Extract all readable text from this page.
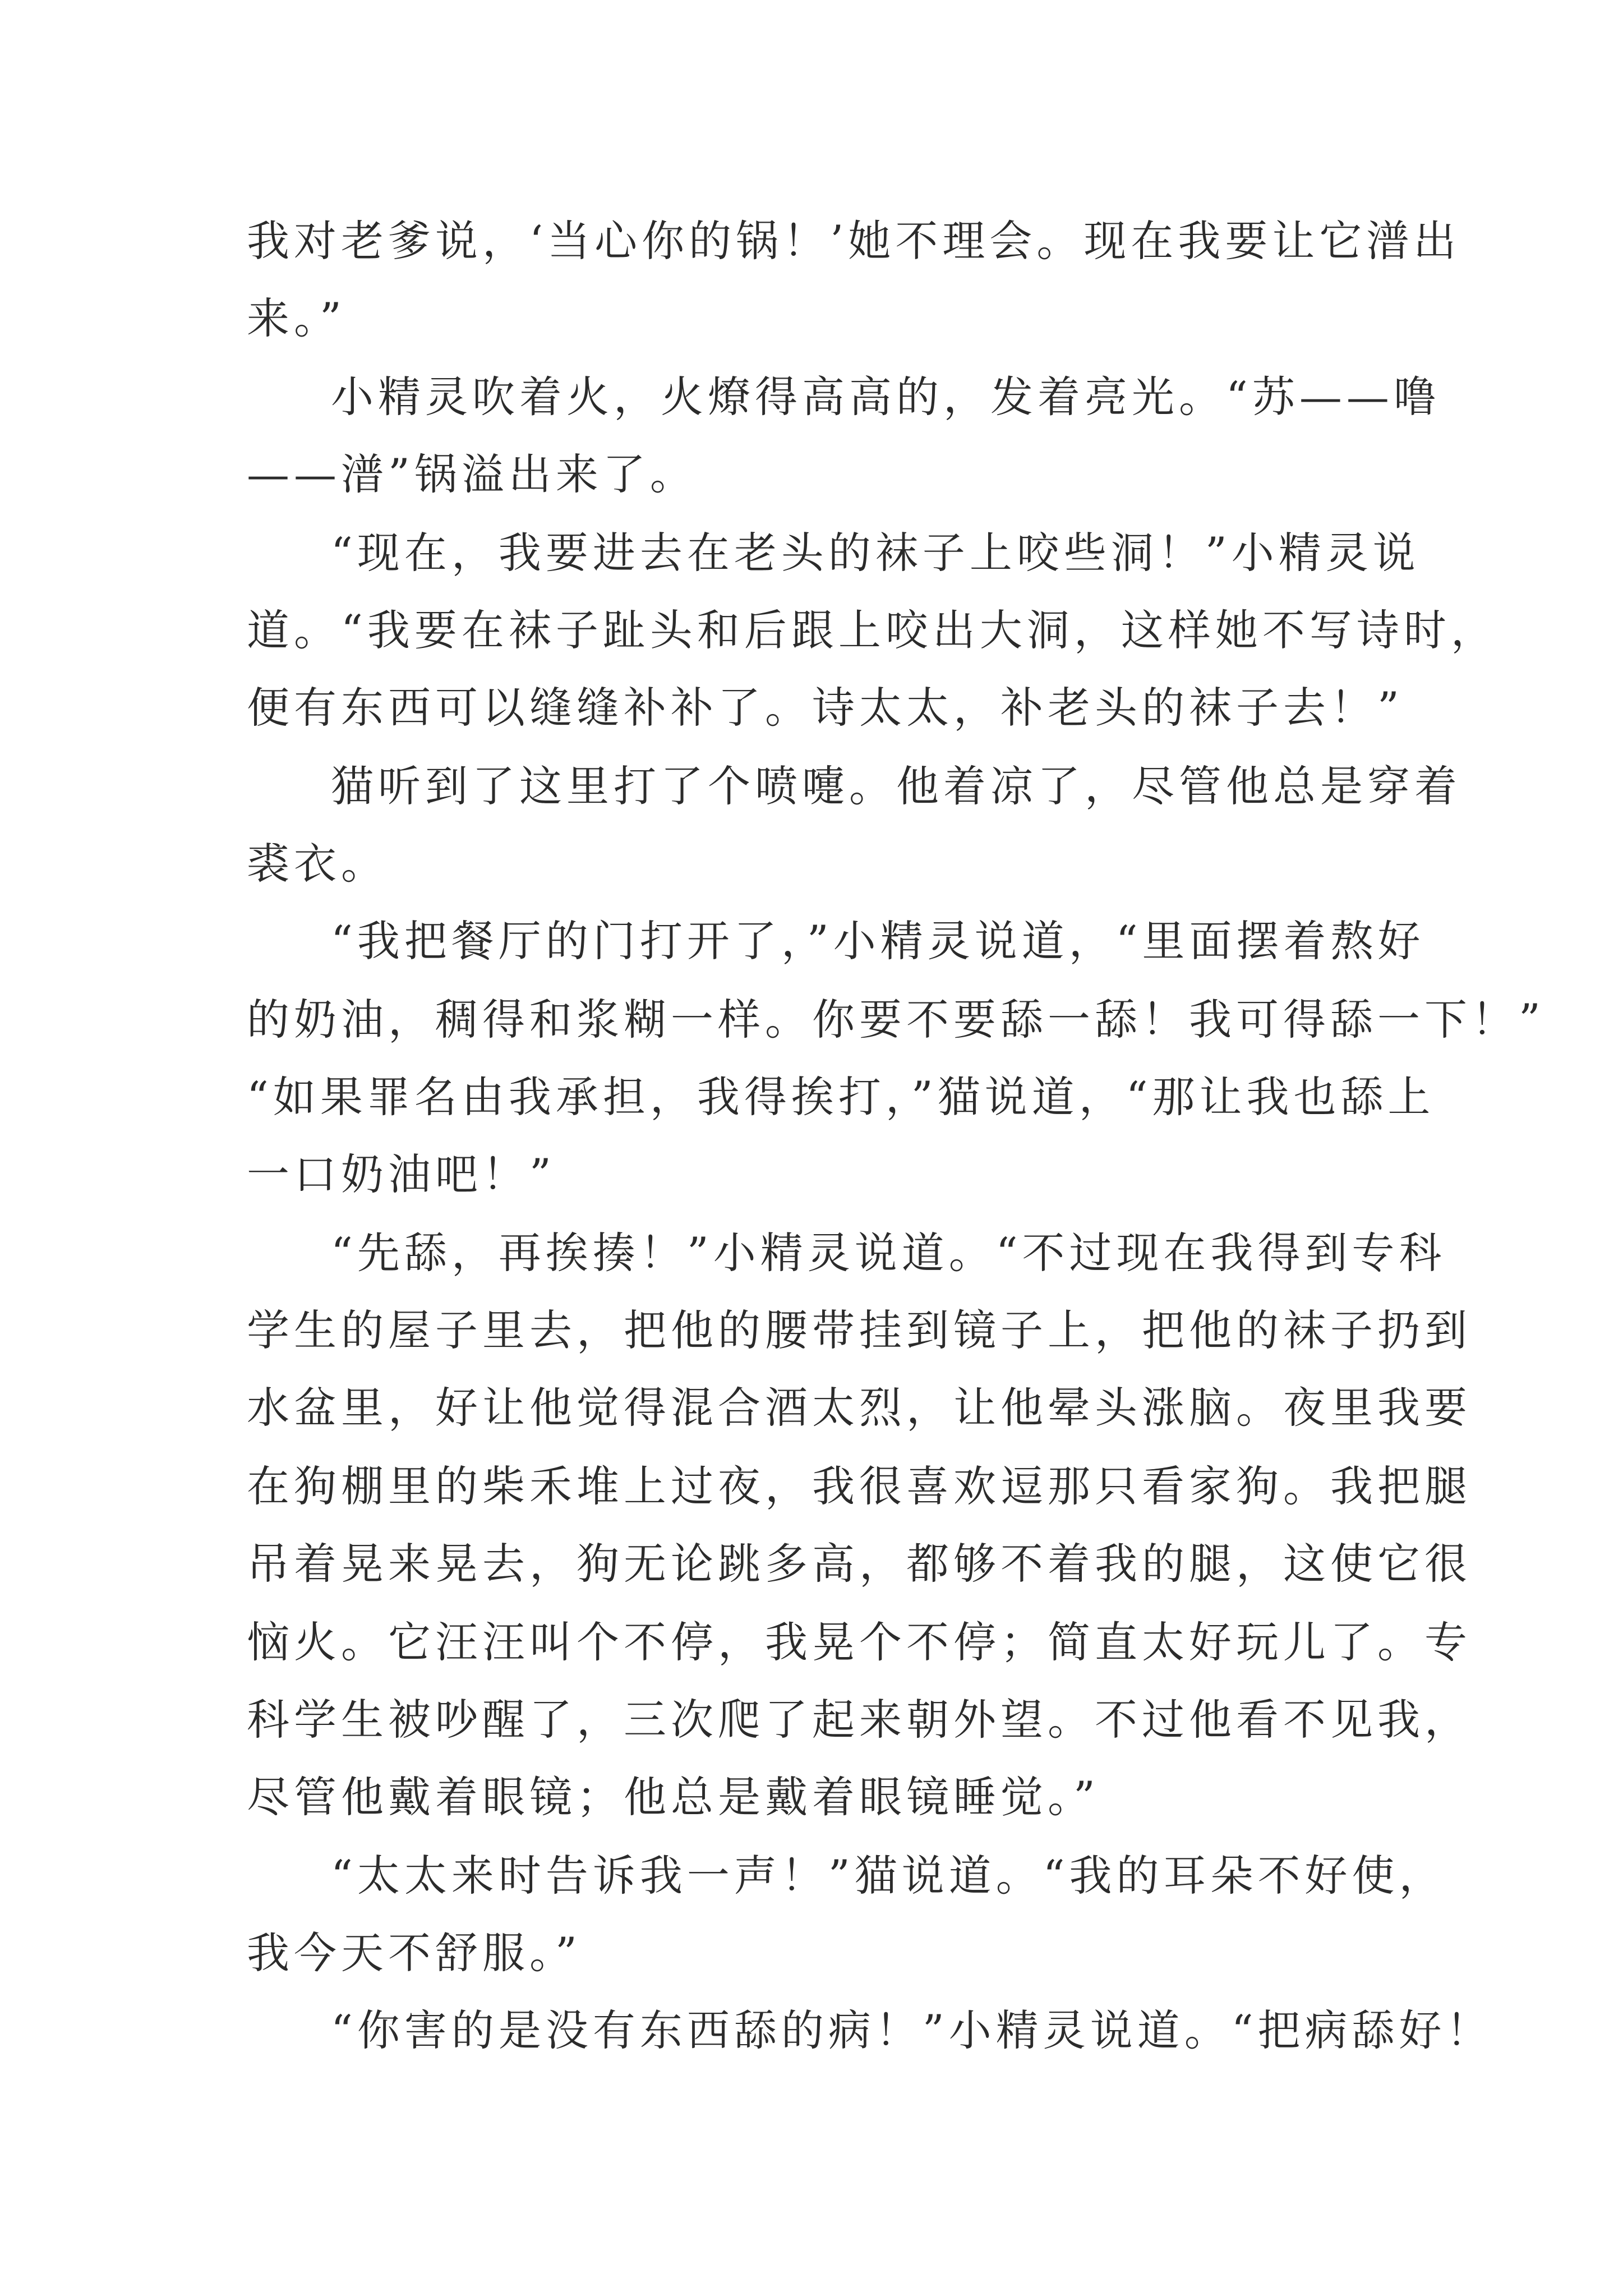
我对老爹说，‘当心你的锅！’她不理会。现在我要让它潽出
来。”
小精灵吹着火，火燎得高高的，发着亮光。“苏——噜
——潽”锅溢出来了。
“现在，我要进去在老头的袜子上咬些洞！”小精灵说
道。“我要在袜子趾头和后跟上咬出大洞，这样她不写诗时，
便有东西可以缝缝补补了。诗太太，补老头的袜子去！”
猫听到了这里打了个喷嚏。他着凉了，尽管他总是穿着
裘衣。
“我把餐厅的门打开了，”小精灵说道，“里面摆着熬好
的奶油，稠得和浆糊一样。你要不要舔一舔！我可得舔一下！”
“如果罪名由我承担，我得挨打，”猫说道，“那让我也舔上
一口奶油吧！”
“先舔，再挨揍！”小精灵说道。“不过现在我得到专科
学生的屋子里去，把他的腰带挂到镜子上，把他的袜子扔到
水盆里，好让他觉得混合酒太烈，让他晕头涨脑。夜里我要
在狗棚里的柴禾堆上过夜，我很喜欢逗那只看家狗。我把腿
吊着晃来晃去，狗无论跳多高，都够不着我的腿，这使它很
恼火。它汪汪叫个不停，我晃个不停；简直太好玩儿了。专
科学生被吵醒了，三次爬了起来朝外望。不过他看不见我，
尽管他戴着眼镜；他总是戴着眼镜睡觉。”
“太太来时告诉我一声！”猫说道。“我的耳朵不好使，
我今天不舒服。”
“你害的是没有东西舔的病！”小精灵说道。“把病舔好！
